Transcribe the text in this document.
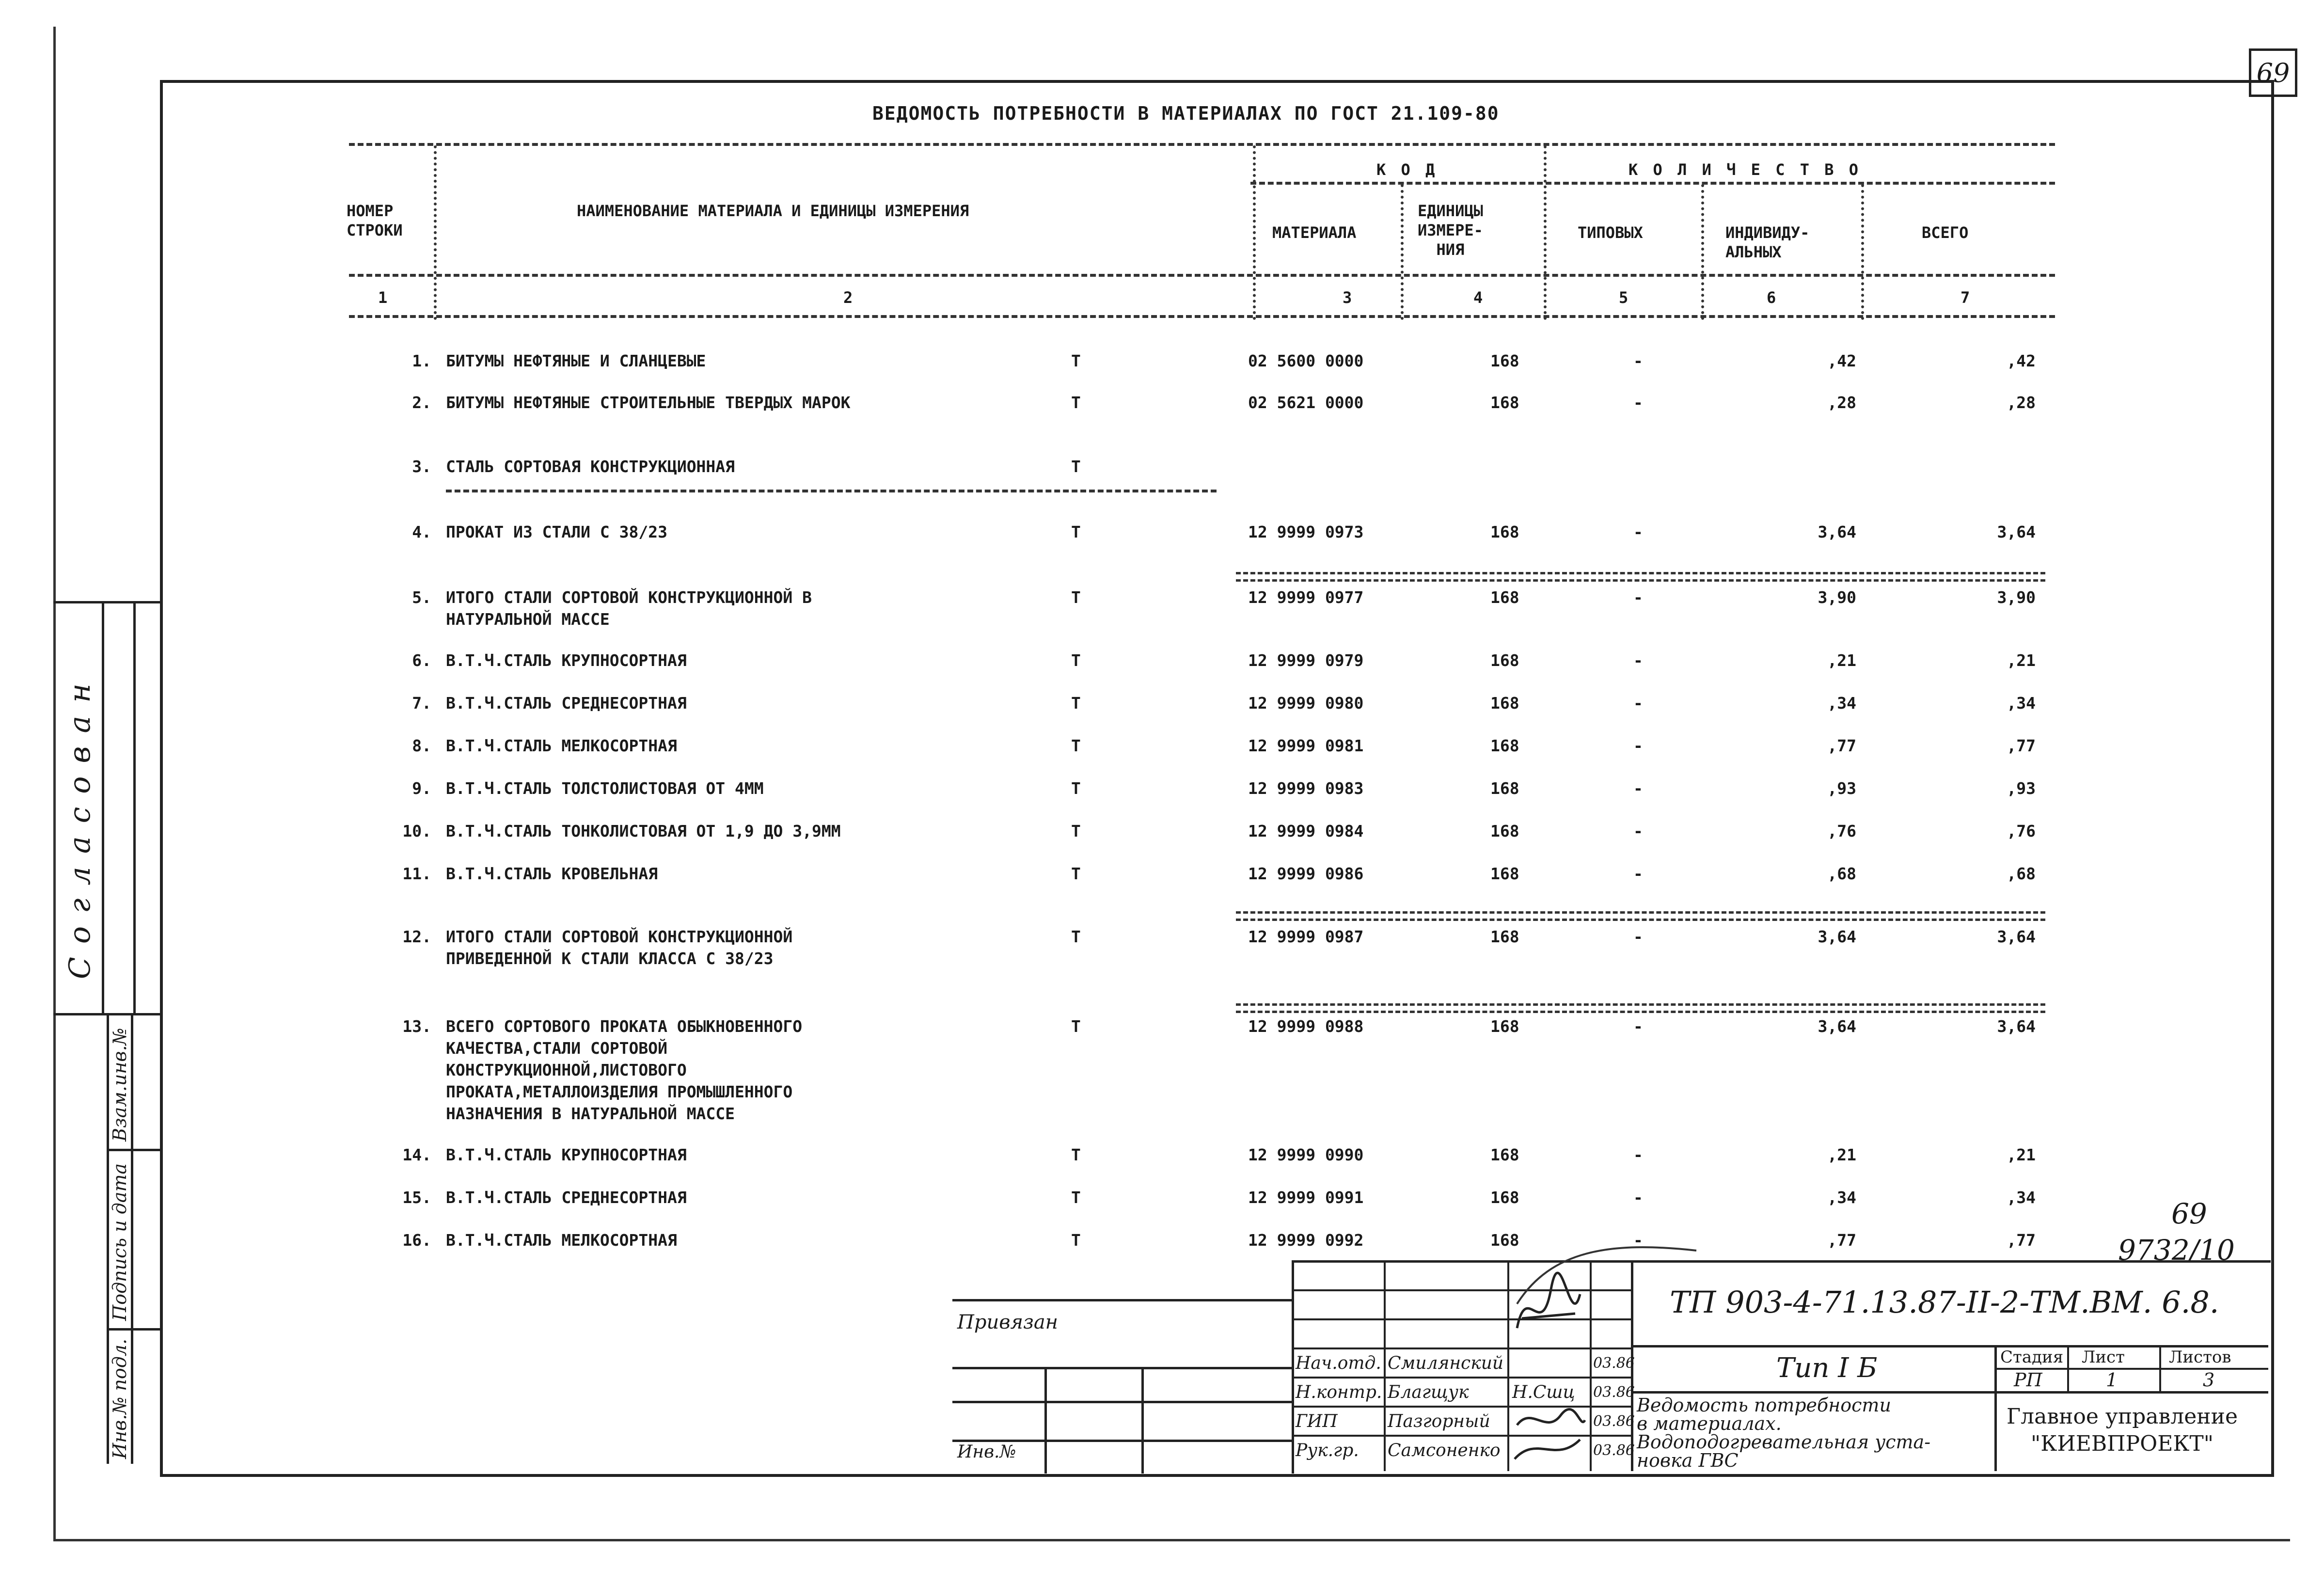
69
ВЕДОМОСТЬ ПОТРЕБНОСТИ В МАТЕРИАЛАХ ПО ГОСТ 21.109-80
НОМЕР
СТРОКИ
НАИМЕНОВАНИЕ МАТЕРИАЛА И ЕДИНИЦЫ ИЗМЕРЕНИЯ
К О Д
МАТЕРИАЛА
ЕДИНИЦЫ
ИЗМЕРЕ-
НИЯ
К О Л И Ч Е С Т В О
ТИПОВЫХ	ИНДИВИДУ-
АЛЬНЫХ
ВСЕГО
1	2	3	4	5	6	7
1. БИТУМЫ НЕФТЯНЫЕ И СЛАНЦЕВЫЕ	Т	02 5600 0000	168	-	,42	,42
2. БИТУМЫ НЕФТЯНЫЕ СТРОИТЕЛЬНЫЕ ТВЕРДЫХ МАРОК	Т	02 5621 0000	168	-	,28	,28
3. СТАЛЬ СОРТОВАЯ КОНСТРУКЦИОННАЯ	Т
4. ПРОКАТ ИЗ СТАЛИ С 38/23	Т	12 9999 0973	168	-	3,64	3,64
5. ИТОГО СТАЛИ СОРТОВОЙ КОНСТРУКЦИОННОЙ В
НАТУРАЛЬНОЙ МАССЕ
Т	12 9999 0977	168	-	3,90	3,90
6. В.Т.Ч.СТАЛЬ КРУПНОСОРТНАЯ	Т	12 9999 0979	168	-	,21	,21
7. В.Т.Ч.СТАЛЬ СРЕДНЕСОРТНАЯ	Т	12 9999 0980	168	-	,34	,34
8. В.Т.Ч.СТАЛЬ МЕЛКОСОРТНАЯ	Т	12 9999 0981	168	-	,77	,77
9. В.Т.Ч.СТАЛЬ ТОЛСТОЛИСТОВАЯ ОТ 4ММ	Т	12 9999 0983	168	-	,93	,93
10. В.Т.Ч.СТАЛЬ ТОНКОЛИСТОВАЯ ОТ 1,9 ДО 3,9ММ	Т	12 9999 0984	168	-	,76	,76
11. В.Т.Ч.СТАЛЬ КРОВЕЛЬНАЯ	Т	12 9999 0986	168	-	,68	,68
12. ИТОГО СТАЛИ СОРТОВОЙ КОНСТРУКЦИОННОЙ
ПРИВЕДЕННОЙ К СТАЛИ КЛАССА С 38/23
Т	12 9999 0987	168	-	3,64	3,64
13. ВСЕГО СОРТОВОГО ПРОКАТА ОБЫКНОВЕННОГО
КАЧЕСТВА,СТАЛИ СОРТОВОЙ
КОНСТРУКЦИОННОЙ,ЛИСТОВОГО
ПРОКАТА,МЕТАЛЛОИЗДЕЛИЯ ПРОМЫШЛЕННОГО
НАЗНАЧЕНИЯ В НАТУРАЛЬНОЙ МАССЕ
Т	12 9999 0988	168	-	3,64	3,64
14. В.Т.Ч.СТАЛЬ КРУПНОСОРТНАЯ	Т	12 9999 0990	168	-	,21	,21
15. В.Т.Ч.СТАЛЬ СРЕДНЕСОРТНАЯ	Т	12 9999 0991	168	-	,34	,34
16. В.Т.Ч.СТАЛЬ МЕЛКОСОРТНАЯ	Т	12 9999 0992	168	-	,77	,77
69
9732/10
С о г л а с о в а н
Взам.инв.№
Подпись и дата
Инв.№ подл.
Привязан
Инв.№
ТП 903-4-71.13.87-II-2-ТМ.ВМ. 6.8.
Тип I Б
Нач.отд. Смилянский	03.86
Н.контр. Благщук Н.Сшц 03.86
ГИП	Пазгорный	03.86
Рук.гр. Самсоненко	03.86
Ведомость потребности
в материалах.
Водоподогревательная уста-
новка ГВС
Стадия Лист	Листов
РП	1	3
Главное управление
"КИЕВПРОЕКТ"
